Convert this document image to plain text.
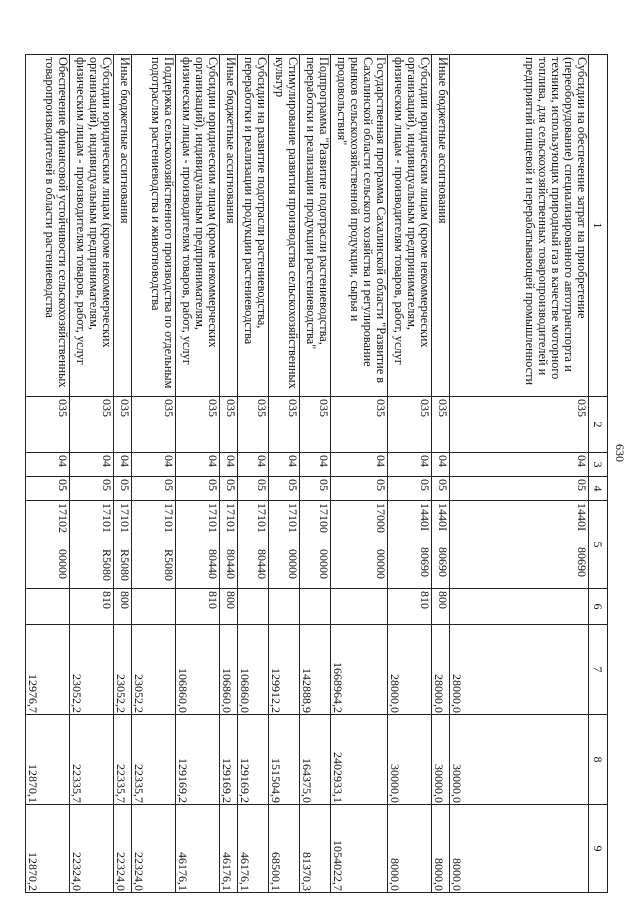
630
1	2	3	4	5	6	7	8	9
Субсидии на обеспечение затрат на приобретение (переоборудование) специализированного автотранспорта и техники, использующих природный газ в качестве моторного топлива, для сельскохозяйственных товаропроизводителей и предприятий пищевой и перерабатывающей промышленности	035	04	05	1440I80690		28000,0	30000,0	8000,0
Иные бюджетные ассигнования	035	04	05	1440I80690	800	28000,0	30000,0	8000,0
Субсидии юридическим лицам (кроме некоммерческих организаций), индивидуальным предпринимателям, физическим лицам - производителям товаров, работ, услуг	035	04	05	1440I80690	810	28000,0	30000,0	8000,0
Государственная программа Сахалинской области "Развитие в Сахалинской области сельского хозяйства и регулирование рынков сельскохозяйственной продукции, сырья и продовольствия"	035	04	05	1700000000		1668964,2	2402933,1	1054022,7
Подпрограмма "Развитие подотрасли растениеводства, переработки и реализации продукции растениеводства"	035	04	05	1710000000		142888,9	164375,0	81370,3
Стимулирование развития производства сельскохозяйственных культур	035	04	05	1710100000		129912,2	151504,9	68500,1
Субсидии на развитие подотрасли растениеводства, переработки и реализации продукции растениеводства	035	04	05	1710180440		106860,0	129169,2	46176,1
Иные бюджетные ассигнования	035	04	05	1710180440	800	106860,0	129169,2	46176,1
Субсидии юридическим лицам (кроме некоммерческих организаций), индивидуальным предпринимателям, физическим лицам - производителям товаров, работ, услуг	035	04	05	1710180440	810	106860,0	129169,2	46176,1
Поддержка сельскохозяйственного производства по отдельным подотраслям растениеводства и животноводства	035	04	05	17101R5080		23052,2	22335,7	22324,0
Иные бюджетные ассигнования	035	04	05	17101R5080	800	23052,2	22335,7	22324,0
Субсидии юридическим лицам (кроме некоммерческих организаций), индивидуальным предпринимателям, физическим лицам - производителям товаров, работ, услуг	035	04	05	17101R5080	810	23052,2	22335,7	22324,0
Обеспечение финансовой устойчивости сельскохозяйственных товаропроизводителей в области растениеводства	035	04	05	1710200000		12976,7	12870,1	12870,2
